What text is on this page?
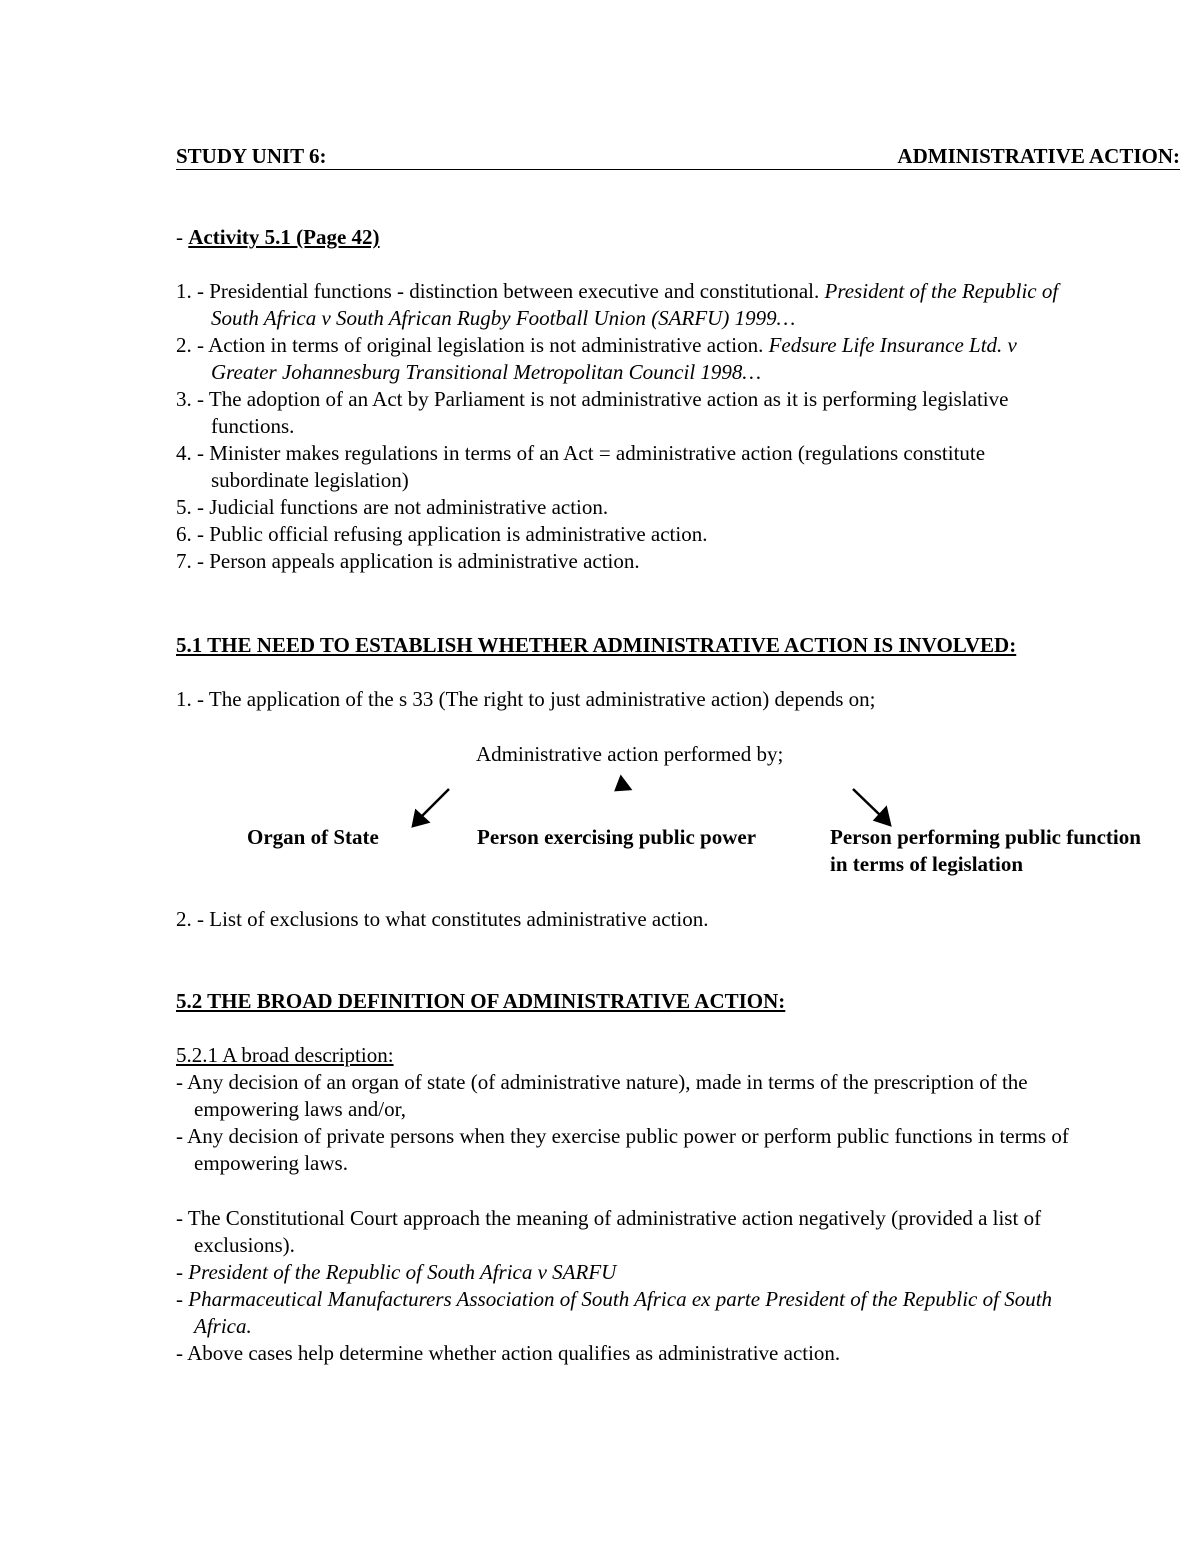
STUDY UNIT 6:	ADMINISTRATIVE ACTION:
- Activity 5.1 (Page 42)
1. - Presidential functions - distinction between executive and constitutional. President of the Republic of
South Africa v South African Rugby Football Union (SARFU) 1999…
2. - Action in terms of original legislation is not administrative action. Fedsure Life Insurance Ltd. v
Greater Johannesburg Transitional Metropolitan Council 1998…
3. - The adoption of an Act by Parliament is not administrative action as it is performing legislative
functions.
4. - Minister makes regulations in terms of an Act = administrative action (regulations constitute
subordinate legislation)
5. - Judicial functions are not administrative action.
6. - Public official refusing application is administrative action.
7. - Person appeals application is administrative action.
5.1 THE NEED TO ESTABLISH WHETHER ADMINISTRATIVE ACTION IS INVOLVED:
1. - The application of the s 33 (The right to just administrative action) depends on;
Administrative action performed by;
Organ of State	Person exercising public power	Person performing public function
in terms of legislation
2. - List of exclusions to what constitutes administrative action.
5.2 THE BROAD DEFINITION OF ADMINISTRATIVE ACTION:
5.2.1 A broad description:
- Any decision of an organ of state (of administrative nature), made in terms of the prescription of the
empowering laws and/or,
- Any decision of private persons when they exercise public power or perform public functions in terms of
empowering laws.
- The Constitutional Court approach the meaning of administrative action negatively (provided a list of
exclusions).
- President of the Republic of South Africa v SARFU
- Pharmaceutical Manufacturers Association of South Africa ex parte President of the Republic of South
Africa.
- Above cases help determine whether action qualifies as administrative action.
